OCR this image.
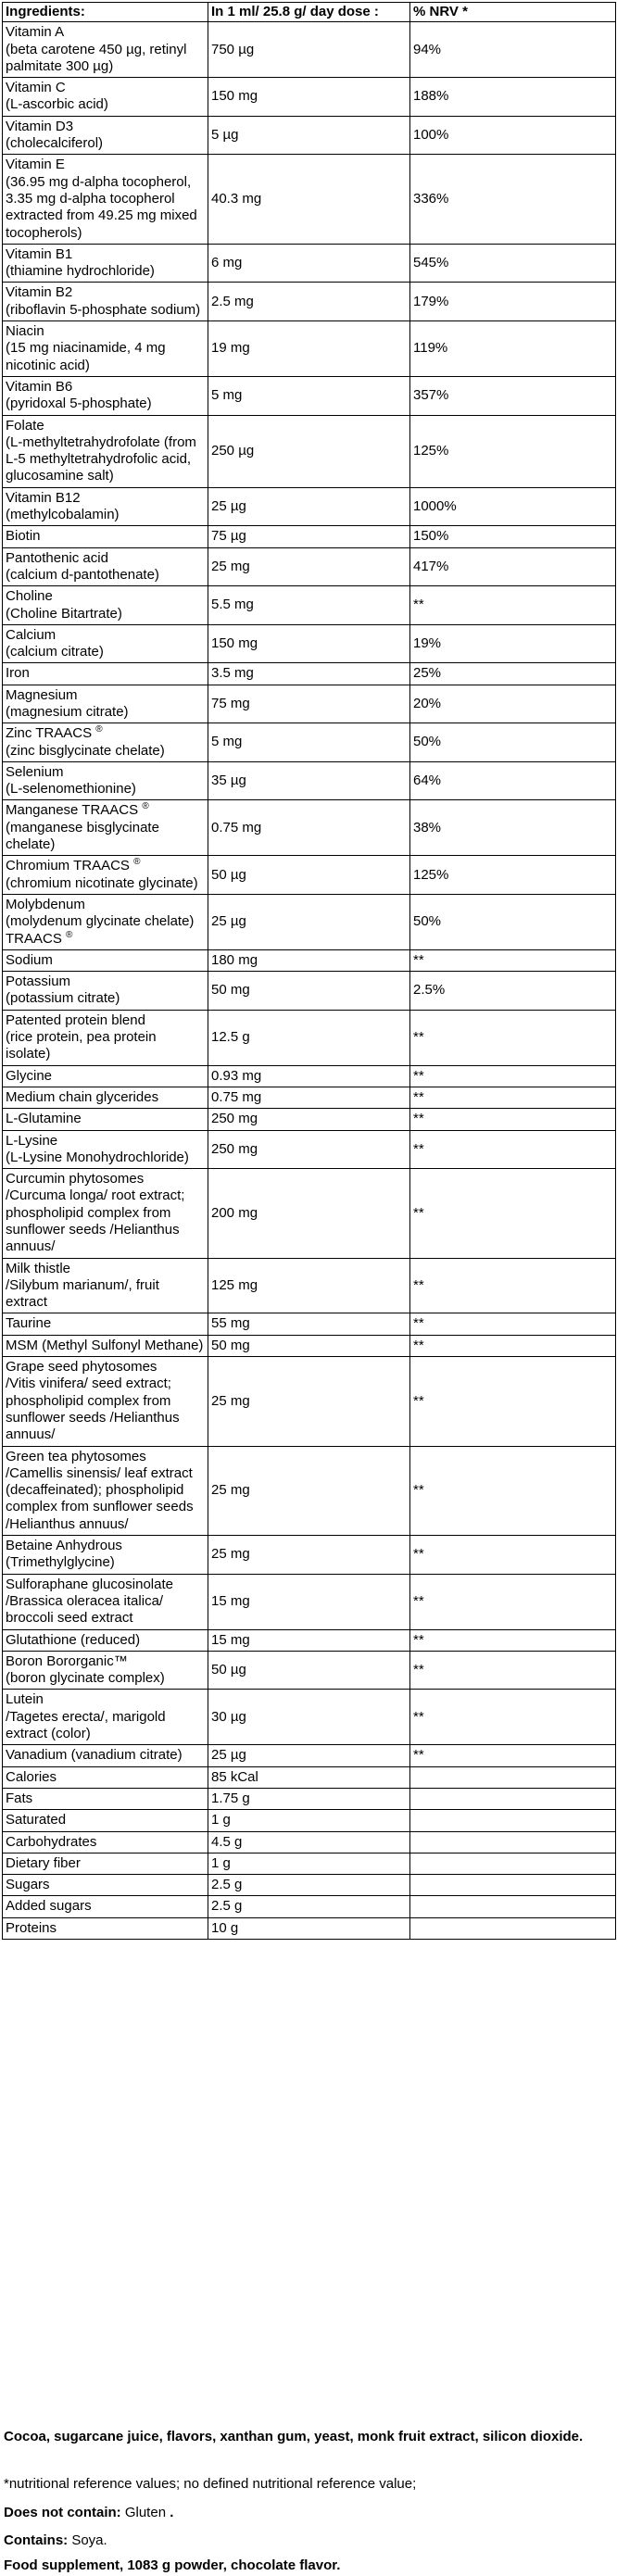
Ingredients:	In 1 ml/ 25.8 g/ day dose :	% NRV *
Vitamin A
(beta carotene 450 µg, retinyl palmitate 300 µg)	750 µg	94%
Vitamin C
(L-ascorbic acid)	150 mg	188%
Vitamin D3
(cholecalciferol)	5 µg	100%
Vitamin E
(36.95 mg d-alpha tocopherol, 3.35 mg d-alpha tocopherol extracted from 49.25 mg mixed tocopherols)	40.3 mg	336%
Vitamin B1
(thiamine hydrochloride)	6 mg	545%
Vitamin B2
(riboflavin 5-phosphate sodium)	2.5 mg	179%
Niacin
(15 mg niacinamide, 4 mg nicotinic acid)	19 mg	119%
Vitamin B6
(pyridoxal 5-phosphate)	5 mg	357%
Folate
(L-methyltetrahydrofolate (from L-5 methyltetrahydrofolic acid, glucosamine salt)	250 µg	125%
Vitamin B12
(methylcobalamin)	25 µg	1000%
Biotin	75 µg	150%
Pantothenic acid
(calcium d-pantothenate)	25 mg	417%
Choline
(Choline Bitartrate)	5.5 mg	**
Calcium
(calcium citrate)	150 mg	19%
Iron	3.5 mg	25%
Magnesium
(magnesium citrate)	75 mg	20%
Zinc TRAACS ®
(zinc bisglycinate chelate)	5 mg	50%
Selenium
(L-selenomethionine)	35 µg	64%
Manganese TRAACS ®
(manganese bisglycinate chelate)	0.75 mg	38%
Chromium TRAACS ®
(chromium nicotinate glycinate)	50 µg	125%
Molybdenum
(molydenum glycinate chelate) TRAACS ®	25 µg	50%
Sodium	180 mg	**
Potassium
(potassium citrate)	50 mg	2.5%
Patented protein blend
(rice protein, pea protein isolate)	12.5 g	**
Glycine	0.93 mg	**
Medium chain glycerides	0.75 mg	**
L-Glutamine	250 mg	**
L-Lysine
(L-Lysine Monohydrochloride)	250 mg	**
Curcumin phytosomes
/Curcuma longa/ root extract; phospholipid complex from sunflower seeds /Helianthus annuus/	200 mg	**
Milk thistle
/Silybum marianum/, fruit extract	125 mg	**
Taurine	55 mg	**
MSM (Methyl Sulfonyl Methane)	50 mg	**
Grape seed phytosomes
/Vitis vinifera/ seed extract; phospholipid complex from sunflower seeds /Helianthus annuus/	25 mg	**
Green tea phytosomes
/Camellis sinensis/ leaf extract (decaffeinated); phospholipid complex from sunflower seeds /Helianthus annuus/	25 mg	**
Betaine Anhydrous
(Trimethylglycine)	25 mg	**
Sulforaphane glucosinolate /Brassica oleracea italica/ broccoli seed extract	15 mg	**
Glutathione (reduced)	15 mg	**
Boron Bororganic™
(boron glycinate complex)	50 µg	**
Lutein
/Tagetes erecta/, marigold extract (color)	30 µg	**
Vanadium (vanadium citrate)	25 µg	**
Calories	85 kCal	
Fats	1.75 g	
Saturated	1 g	
Carbohydrates	4.5 g	
Dietary fiber	1 g	
Sugars	2.5 g	
Added sugars	2.5 g	
Proteins	10 g	
Cocoa, sugarcane juice, flavors, xanthan gum, yeast, monk fruit extract, silicon dioxide.
*nutritional reference values; no defined nutritional reference value;
Does not contain: Gluten .
Contains: Soya.
Food supplement, 1083 g powder, chocolate flavor.
